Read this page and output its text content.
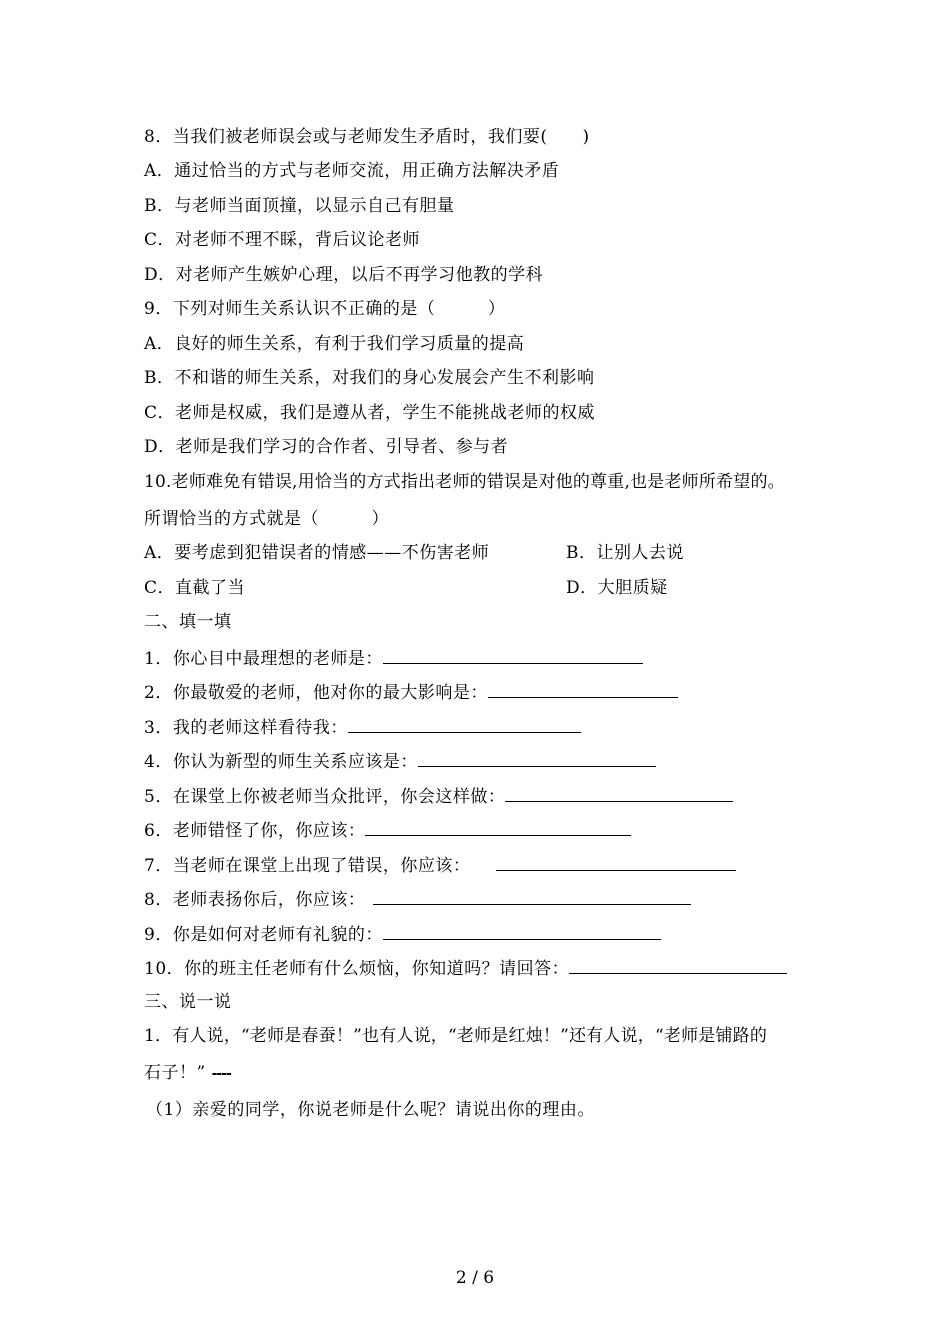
8．当我们被老师误会或与老师发生矛盾时，我们要(　　)
A．通过恰当的方式与老师交流，用正确方法解决矛盾
B．与老师当面顶撞，以显示自己有胆量
C．对老师不理不睬，背后议论老师
D．对老师产生嫉妒心理，以后不再学习他教的学科
9．下列对师生关系认识不正确的是（　　　）
A．良好的师生关系，有利于我们学习质量的提高
B．不和谐的师生关系，对我们的身心发展会产生不利影响
C．老师是权威，我们是遵从者，学生不能挑战老师的权威
D．老师是我们学习的合作者、引导者、参与者
10.老师难免有错误,用恰当的方式指出老师的错误是对他的尊重,也是老师所希望的。
所谓恰当的方式就是（　　　）
A．要考虑到犯错误者的情感——不伤害老师	B．让别人去说
C．直截了当	D．大胆质疑
二、填一填
1．你心目中最理想的老师是：
2．你最敬爱的老师，他对你的最大影响是：
3．我的老师这样看待我：
4．你认为新型的师生关系应该是：
5．在课堂上你被老师当众批评，你会这样做：
6．老师错怪了你，你应该：
7．当老师在课堂上出现了错误，你应该：
8．老师表扬你后，你应该：
9．你是如何对老师有礼貌的：
10．你的班主任老师有什么烦恼，你知道吗？请回答：
三、说一说
1．有人说，“老师是春蚕！”也有人说，“老师是红烛！”还有人说，“老师是铺路的
石子！” ----
（1）亲爱的同学，你说老师是什么呢？请说出你的理由。
2 / 6
